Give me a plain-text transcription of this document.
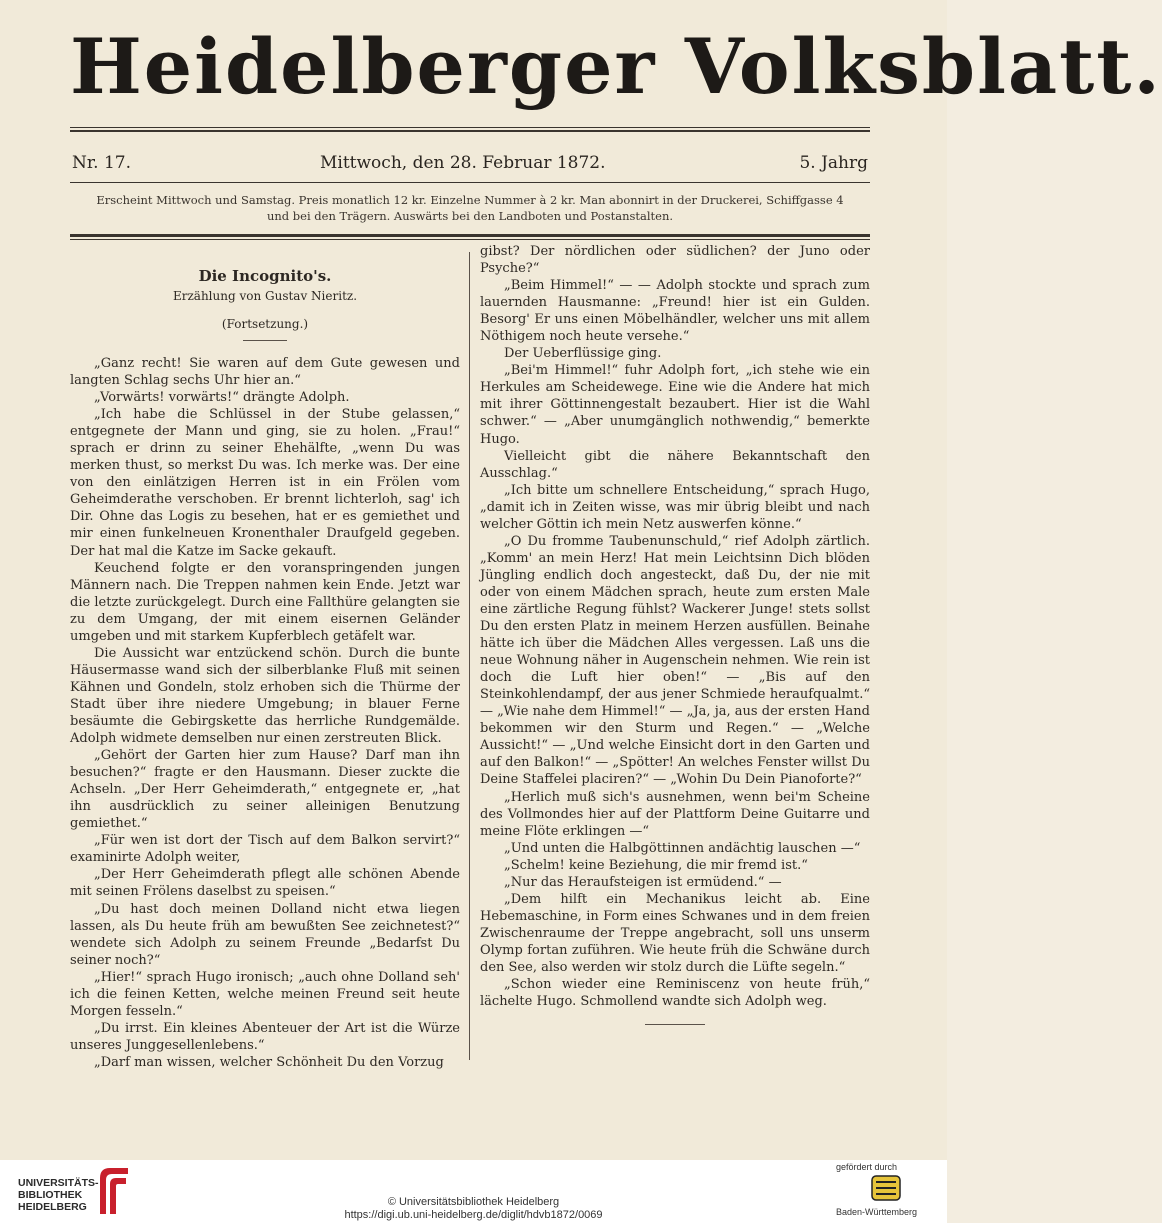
Heidelberger Volksblatt.
Nr. 17.	Mittwoch, den 28. Februar 1872.	5. Jahrg
Erscheint Mittwoch und Samstag. Preis monatlich 12 kr. Einzelne Nummer à 2 kr. Man abonnirt in der Druckerei, Schiffgasse 4
und bei den Trägern. Auswärts bei den Landboten und Postanstalten.
Die Incognito's.
Erzählung von Gustav Nieritz.
(Fortsetzung.)

„Ganz recht! Sie waren auf dem Gute gewesen und langten Schlag sechs Uhr hier an.“

„Vorwärts! vorwärts!“ drängte Adolph.

„Ich habe die Schlüssel in der Stube gelassen,“ entgegnete der Mann und ging, sie zu holen. „Frau!“ sprach er drinn zu seiner Ehehälfte, „wenn Du was merken thust, so merkst Du was. Ich merke was. Der eine von den einlätzigen Herren ist in ein Frölen vom Geheimderathe verschoben. Er brennt lichterloh, sag' ich Dir. Ohne das Logis zu besehen, hat er es gemiethet und mir einen funkelneuen Kronenthaler Draufgeld gegeben. Der hat mal die Katze im Sacke gekauft.

Keuchend folgte er den voranspringenden jungen Männern nach. Die Treppen nahmen kein Ende. Jetzt war die letzte zurückgelegt. Durch eine Fallthüre gelangten sie zu dem Umgang, der mit einem eisernen Geländer umgeben und mit starkem Kupferblech getäfelt war.

Die Aussicht war entzückend schön. Durch die bunte Häusermasse wand sich der silberblanke Fluß mit seinen Kähnen und Gondeln, stolz erhoben sich die Thürme der Stadt über ihre niedere Umgebung; in blauer Ferne besäumte die Gebirgskette das herrliche Rundgemälde. Adolph widmete demselben nur einen zerstreuten Blick.

„Gehört der Garten hier zum Hause? Darf man ihn besuchen?“ fragte er den Hausmann. Dieser zuckte die Achseln. „Der Herr Geheimderath,“ entgegnete er, „hat ihn ausdrücklich zu seiner alleinigen Benutzung gemiethet.“

„Für wen ist dort der Tisch auf dem Balkon servirt?“ examinirte Adolph weiter,

„Der Herr Geheimderath pflegt alle schönen Abende mit seinen Frölens daselbst zu speisen.“

„Du hast doch meinen Dolland nicht etwa liegen lassen, als Du heute früh am bewußten See zeichnetest?“ wendete sich Adolph zu seinem Freunde „Bedarfst Du seiner noch?“

„Hier!“ sprach Hugo ironisch; „auch ohne Dolland seh' ich die feinen Ketten, welche meinen Freund seit heute Morgen fesseln.“

„Du irrst. Ein kleines Abenteuer der Art ist die Würze unseres Junggesellenlebens.“

„Darf man wissen, welcher Schönheit Du den Vorzug

gibst? Der nördlichen oder südlichen? der Juno oder Psyche?“

„Beim Himmel!“ — — Adolph stockte und sprach zum lauernden Hausmanne: „Freund! hier ist ein Gulden. Besorg' Er uns einen Möbelhändler, welcher uns mit allem Nöthigem noch heute versehe.“

Der Ueberflüssige ging.

„Bei'm Himmel!“ fuhr Adolph fort, „ich stehe wie ein Herkules am Scheidewege. Eine wie die Andere hat mich mit ihrer Göttinnengestalt bezaubert. Hier ist die Wahl schwer.“ — „Aber unumgänglich nothwendig,“ bemerkte Hugo.

Vielleicht gibt die nähere Bekanntschaft den Ausschlag.“

„Ich bitte um schnellere Entscheidung,“ sprach Hugo, „damit ich in Zeiten wisse, was mir übrig bleibt und nach welcher Göttin ich mein Netz auswerfen könne.“

„O Du fromme Taubenunschuld,“ rief Adolph zärtlich. „Komm' an mein Herz! Hat mein Leichtsinn Dich blöden Jüngling endlich doch angesteckt, daß Du, der nie mit oder von einem Mädchen sprach, heute zum ersten Male eine zärtliche Regung fühlst? Wackerer Junge! stets sollst Du den ersten Platz in meinem Herzen ausfüllen. Beinahe hätte ich über die Mädchen Alles vergessen. Laß uns die neue Wohnung näher in Augenschein nehmen. Wie rein ist doch die Luft hier oben!“ — „Bis auf den Steinkohlendampf, der aus jener Schmiede heraufqualmt.“ — „Wie nahe dem Himmel!“ — „Ja, ja, aus der ersten Hand bekommen wir den Sturm und Regen.“ — „Welche Aussicht!“ — „Und welche Einsicht dort in den Garten und auf den Balkon!“ — „Spötter! An welches Fenster willst Du Deine Staffelei placiren?“ — „Wohin Du Dein Pianoforte?“

„Herlich muß sich's ausnehmen, wenn bei'm Scheine des Vollmondes hier auf der Plattform Deine Guitarre und meine Flöte erklingen —“

„Und unten die Halbgöttinnen andächtig lauschen —“

„Schelm! keine Beziehung, die mir fremd ist.“

„Nur das Heraufsteigen ist ermüdend.“ —

„Dem hilft ein Mechanikus leicht ab. Eine Hebemaschine, in Form eines Schwanes und in dem freien Zwischenraume der Treppe angebracht, soll uns unserm Olymp fortan zuführen. Wie heute früh die Schwäne durch den See, also werden wir stolz durch die Lüfte segeln.“

„Schon wieder eine Reminiscenz von heute früh,“ lächelte Hugo. Schmollend wandte sich Adolph weg.

UNIVERSITÄTS- BIBLIOTHEK HEIDELBERG	© Universitätsbibliothek Heidelberg
https://digi.ub.uni-heidelberg.de/diglit/hdvb1872/0069
gefördert durch
Baden-Württemberg
